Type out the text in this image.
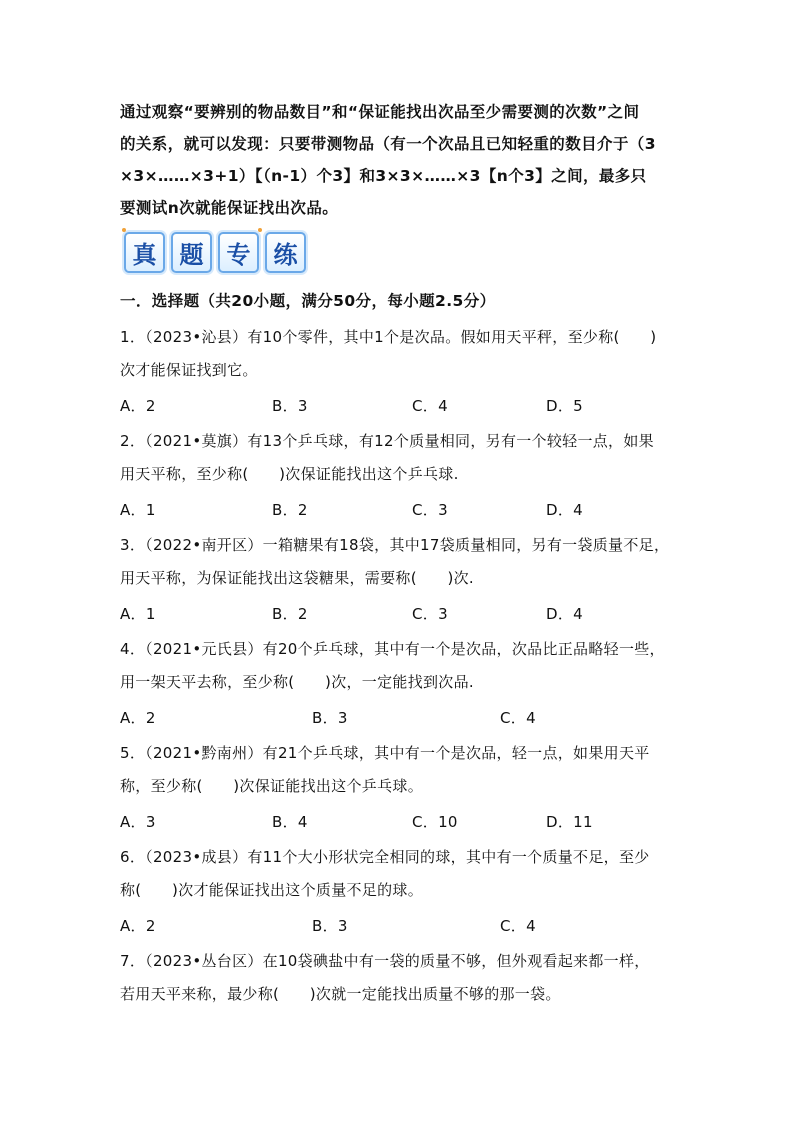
通过观察“要辨别的物品数目”和“保证能找出次品至少需要测的次数”之间

的关系，就可以发现：只要带测物品（有一个次品且已知轻重的数目介于（3

×3×……×3+1）【（n-1）个3】和3×3×……×3【n个3】之间，最多只

要测试n次就能保证找出次品。

真 题 专 练
一．选择题（共20小题，满分50分，每小题2.5分）

1．（2023•沁县）有10个零件，其中1个是次品。假如用天平秤，至少称(　　)

次才能保证找到它。

A．2	B．3	C．4	D．5

2．（2021•莫旗）有13个乒乓球，有12个质量相同，另有一个较轻一点，如果

用天平称，至少称(　　)次保证能找出这个乒乓球.

A．1	B．2	C．3	D．4

3．（2022•南开区）一箱糖果有18袋，其中17袋质量相同，另有一袋质量不足，

用天平称，为保证能找出这袋糖果，需要称(　　)次.

A．1	B．2	C．3	D．4

4．（2021•元氏县）有20个乒乓球，其中有一个是次品，次品比正品略轻一些，

用一架天平去称，至少称(　　)次，一定能找到次品.

A．2	B．3	C．4

5．（2021•黔南州）有21个乒乓球，其中有一个是次品，轻一点，如果用天平

称，至少称(　　)次保证能找出这个乒乓球。

A．3	B．4	C．10	D．11

6．（2023•成县）有11个大小形状完全相同的球，其中有一个质量不足，至少

称(　　)次才能保证找出这个质量不足的球。

A．2	B．3	C．4

7．（2023•丛台区）在10袋碘盐中有一袋的质量不够，但外观看起来都一样，

若用天平来称，最少称(　　)次就一定能找出质量不够的那一袋。
